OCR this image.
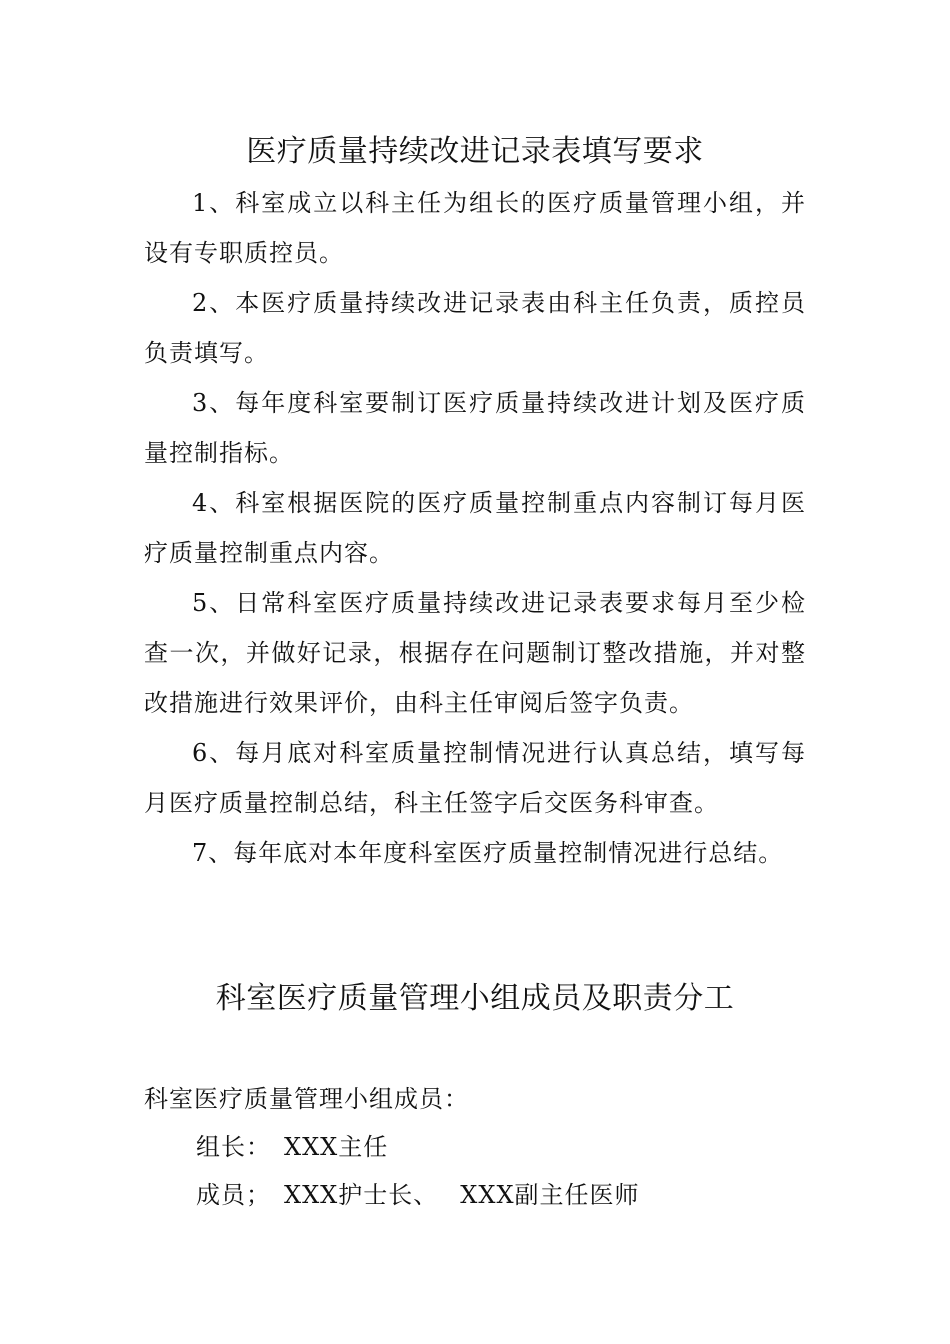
医疗质量持续改进记录表填写要求

1、科室成立以科主任为组长的医疗质量管理小组，并设有专职质控员。

2、本医疗质量持续改进记录表由科主任负责，质控员负责填写。

3、每年度科室要制订医疗质量持续改进计划及医疗质量控制指标。

4、科室根据医院的医疗质量控制重点内容制订每月医疗质量控制重点内容。

5、日常科室医疗质量持续改进记录表要求每月至少检查一次，并做好记录，根据存在问题制订整改措施，并对整改措施进行效果评价，由科主任审阅后签字负责。

6、每月底对科室质量控制情况进行认真总结，填写每月医疗质量控制总结，科主任签字后交医务科审查。

7、每年底对本年度科室医疗质量控制情况进行总结。

科室医疗质量管理小组成员及职责分工

科室医疗质量管理小组成员：

组长： XXX主任

成员； XXX护士长、 XXX副主任医师
